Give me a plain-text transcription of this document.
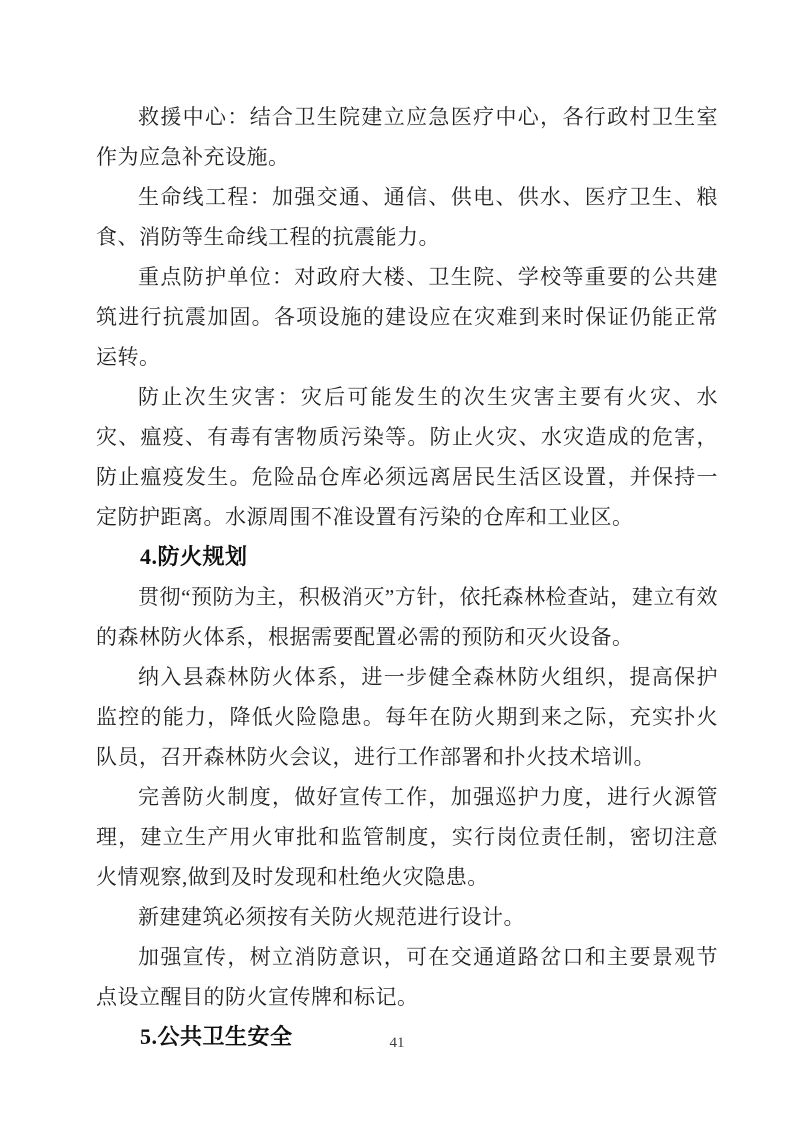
救援中心：结合卫生院建立应急医疗中心，各行政村卫生室作为应急补充设施。

生命线工程：加强交通、通信、供电、供水、医疗卫生、粮食、消防等生命线工程的抗震能力。

重点防护单位：对政府大楼、卫生院、学校等重要的公共建筑进行抗震加固。各项设施的建设应在灾难到来时保证仍能正常运转。

防止次生灾害：灾后可能发生的次生灾害主要有火灾、水灾、瘟疫、有毒有害物质污染等。防止火灾、水灾造成的危害，防止瘟疫发生。危险品仓库必须远离居民生活区设置，并保持一定防护距离。水源周围不准设置有污染的仓库和工业区。

4.防火规划

贯彻“预防为主，积极消灭”方针，依托森林检查站，建立有效的森林防火体系，根据需要配置必需的预防和灭火设备。

纳入县森林防火体系，进一步健全森林防火组织，提高保护监控的能力，降低火险隐患。每年在防火期到来之际，充实扑火队员，召开森林防火会议，进行工作部署和扑火技术培训。

完善防火制度，做好宣传工作，加强巡护力度，进行火源管理，建立生产用火审批和监管制度，实行岗位责任制，密切注意火情观察,做到及时发现和杜绝火灾隐患。

新建建筑必须按有关防火规范进行设计。

加强宣传，树立消防意识，可在交通道路岔口和主要景观节点设立醒目的防火宣传牌和标记。

5.公共卫生安全	41
